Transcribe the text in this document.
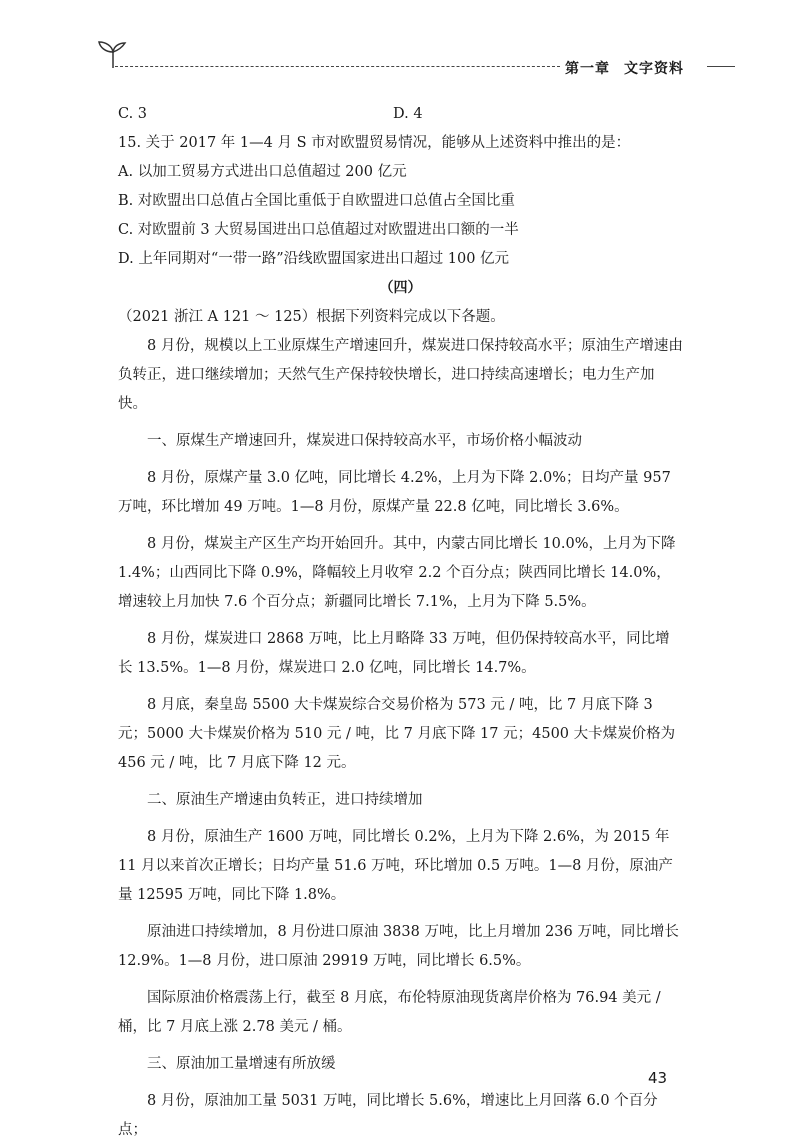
第一章 文字资料

C. 3	D. 4

15. 关于 2017 年 1—4 月 S 市对欧盟贸易情况，能够从上述资料中推出的是：

A. 以加工贸易方式进出口总值超过 200 亿元

B. 对欧盟出口总值占全国比重低于自欧盟进口总值占全国比重

C. 对欧盟前 3 大贸易国进出口总值超过对欧盟进出口额的一半

D. 上年同期对“一带一路”沿线欧盟国家进出口超过 100 亿元

（四）

（2021 浙江 A 121 ～ 125）根据下列资料完成以下各题。

8 月份，规模以上工业原煤生产增速回升，煤炭进口保持较高水平；原油生产增速由负转正，进口继续增加；天然气生产保持较快增长，进口持续高速增长；电力生产加快。

一、原煤生产增速回升，煤炭进口保持较高水平，市场价格小幅波动

8 月份，原煤产量 3.0 亿吨，同比增长 4.2%，上月为下降 2.0%；日均产量 957 万吨，环比增加 49 万吨。1—8 月份，原煤产量 22.8 亿吨，同比增长 3.6%。

8 月份，煤炭主产区生产均开始回升。其中，内蒙古同比增长 10.0%，上月为下降 1.4%；山西同比下降 0.9%，降幅较上月收窄 2.2 个百分点；陕西同比增长 14.0%，增速较上月加快 7.6 个百分点；新疆同比增长 7.1%，上月为下降 5.5%。

8 月份，煤炭进口 2868 万吨，比上月略降 33 万吨，但仍保持较高水平，同比增长 13.5%。1—8 月份，煤炭进口 2.0 亿吨，同比增长 14.7%。

8 月底，秦皇岛 5500 大卡煤炭综合交易价格为 573 元 / 吨，比 7 月底下降 3 元；5000 大卡煤炭价格为 510 元 / 吨，比 7 月底下降 17 元；4500 大卡煤炭价格为 456 元 / 吨，比 7 月底下降 12 元。

二、原油生产增速由负转正，进口持续增加

8 月份，原油生产 1600 万吨，同比增长 0.2%，上月为下降 2.6%，为 2015 年 11 月以来首次正增长；日均产量 51.6 万吨，环比增加 0.5 万吨。1—8 月份，原油产量 12595 万吨，同比下降 1.8%。

原油进口持续增加，8 月份进口原油 3838 万吨，比上月增加 236 万吨，同比增长 12.9%。1—8 月份，进口原油 29919 万吨，同比增长 6.5%。

国际原油价格震荡上行，截至 8 月底，布伦特原油现货离岸价格为 76.94 美元 / 桶，比 7 月底上涨 2.78 美元 / 桶。

三、原油加工量增速有所放缓

8 月份，原油加工量 5031 万吨，同比增长 5.6%，增速比上月回落 6.0 个百分点；

43
